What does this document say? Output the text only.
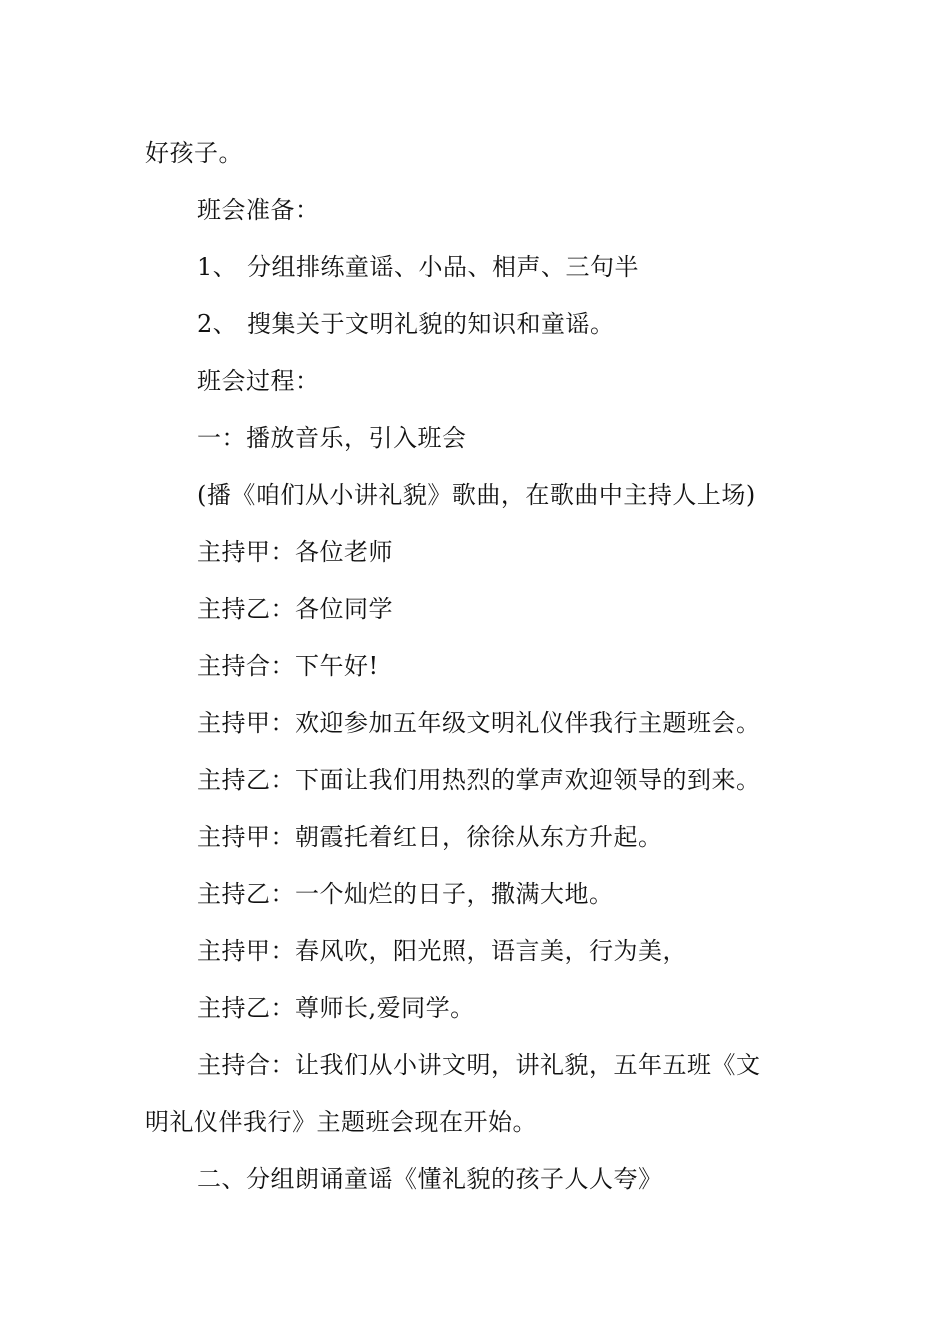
好孩子。
班会准备：
1、 分组排练童谣、小品、相声、三句半
2、 搜集关于文明礼貌的知识和童谣。
班会过程：
一：播放音乐，引入班会
(播《咱们从小讲礼貌》歌曲，在歌曲中主持人上场)
主持甲：各位老师
主持乙：各位同学
主持合：下午好!
主持甲：欢迎参加五年级文明礼仪伴我行主题班会。
主持乙：下面让我们用热烈的掌声欢迎领导的到来。
主持甲：朝霞托着红日，徐徐从东方升起。
主持乙：一个灿烂的日子，撒满大地。
主持甲：春风吹，阳光照，语言美，行为美，
主持乙：尊师长,爱同学。
主持合：让我们从小讲文明，讲礼貌，五年五班《文
明礼仪伴我行》主题班会现在开始。
二、分组朗诵童谣《懂礼貌的孩子人人夸》
